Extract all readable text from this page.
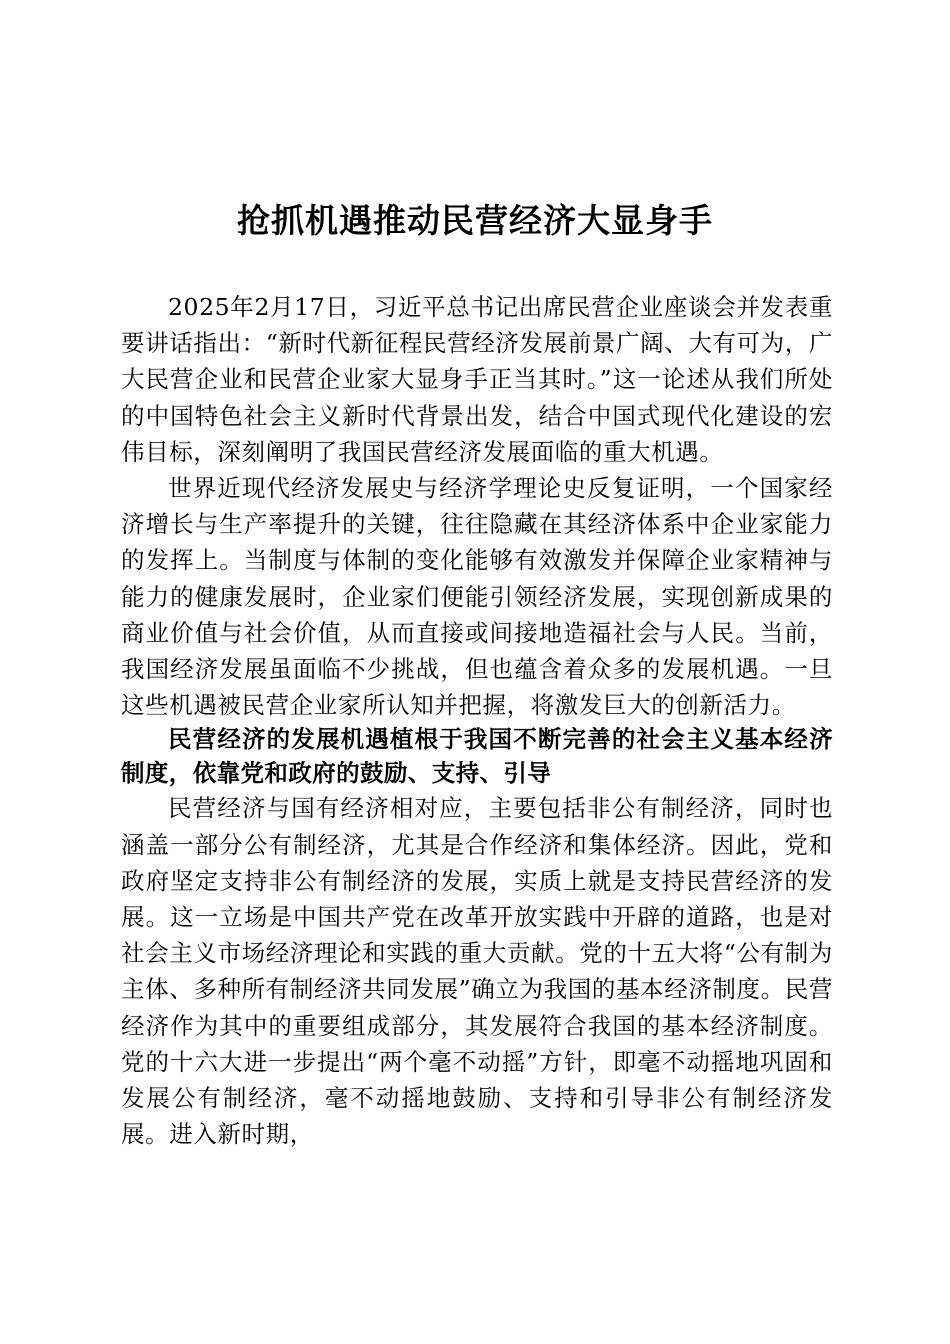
抢抓机遇推动民营经济大显身手

2025年2月17日，习近平总书记出席民营企业座谈会并发表重要讲话指出：“新时代新征程民营经济发展前景广阔、大有可为，广大民营企业和民营企业家大显身手正当其时。”这一论述从我们所处的中国特色社会主义新时代背景出发，结合中国式现代化建设的宏伟目标，深刻阐明了我国民营经济发展面临的重大机遇。

世界近现代经济发展史与经济学理论史反复证明，一个国家经济增长与生产率提升的关键，往往隐藏在其经济体系中企业家能力的发挥上。当制度与体制的变化能够有效激发并保障企业家精神与能力的健康发展时，企业家们便能引领经济发展，实现创新成果的商业价值与社会价值，从而直接或间接地造福社会与人民。当前，我国经济发展虽面临不少挑战，但也蕴含着众多的发展机遇。一旦这些机遇被民营企业家所认知并把握，将激发巨大的创新活力。

民营经济的发展机遇植根于我国不断完善的社会主义基本经济制度，依靠党和政府的鼓励、支持、引导

民营经济与国有经济相对应，主要包括非公有制经济，同时也涵盖一部分公有制经济，尤其是合作经济和集体经济。因此，党和政府坚定支持非公有制经济的发展，实质上就是支持民营经济的发展。这一立场是中国共产党在改革开放实践中开辟的道路，也是对社会主义市场经济理论和实践的重大贡献。党的十五大将“公有制为主体、多种所有制经济共同发展”确立为我国的基本经济制度。民营经济作为其中的重要组成部分，其发展符合我国的基本经济制度。党的十六大进一步提出“两个毫不动摇”方针，即毫不动摇地巩固和发展公有制经济，毫不动摇地鼓励、支持和引导非公有制经济发展。进入新时期，
